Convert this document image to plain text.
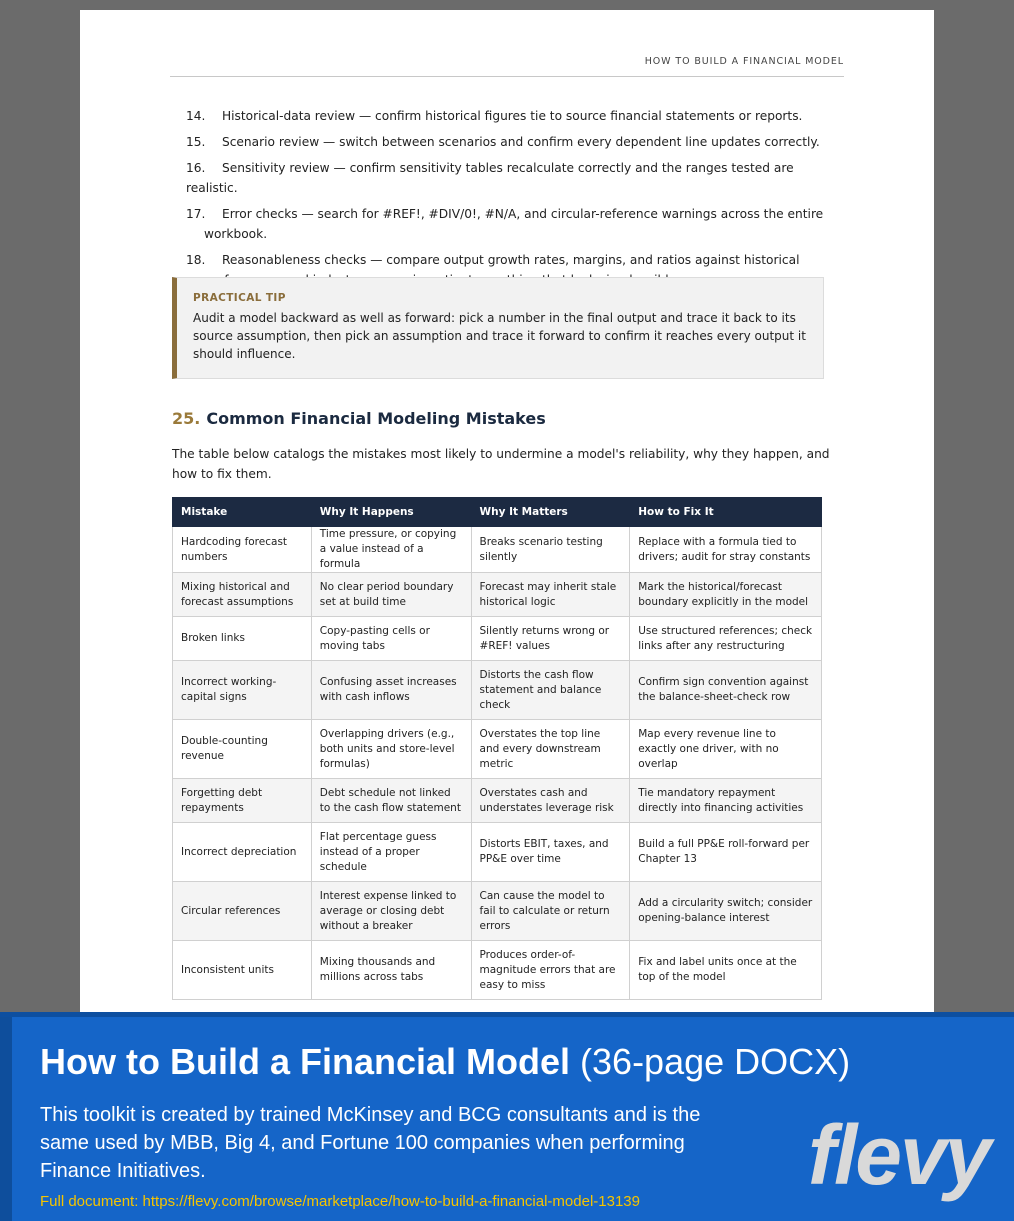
HOW TO BUILD A FINANCIAL MODEL
14. Historical-data review — confirm historical figures tie to source financial statements or reports.
15. Scenario review — switch between scenarios and confirm every dependent line updates correctly.
16. Sensitivity review — confirm sensitivity tables recalculate correctly and the ranges tested are realistic.
17. Error checks — search for #REF!, #DIV/0!, #N/A, and circular-reference warnings across the entire
workbook.
18. Reasonableness checks — compare output growth rates, margins, and ratios against historical
PRACTICAL TIP
Audit a model backward as well as forward: pick a number in the final output and trace it back to its source assumption, then pick an assumption and trace it forward to confirm it reaches every output it should influence.
25. Common Financial Modeling Mistakes
The table below catalogs the mistakes most likely to undermine a model's reliability, why they happen, and how to fix them.
Mistake	Why It Happens	Why It Matters	How to Fix It
Hardcoding forecast numbers	Time pressure, or copying a value instead of a formula	Breaks scenario testing silently	Replace with a formula tied to drivers; audit for stray constants
Mixing historical and forecast assumptions	No clear period boundary set at build time	Forecast may inherit stale historical logic	Mark the historical/forecast boundary explicitly in the model
Broken links	Copy-pasting cells or moving tabs	Silently returns wrong or #REF! values	Use structured references; check links after any restructuring
Incorrect working-capital signs	Confusing asset increases with cash inflows	Distorts the cash flow statement and balance check	Confirm sign convention against the balance-sheet-check row
Double-counting revenue	Overlapping drivers (e.g., both units and store-level formulas)	Overstates the top line and every downstream metric	Map every revenue line to exactly one driver, with no overlap
Forgetting debt repayments	Debt schedule not linked to the cash flow statement	Overstates cash and understates leverage risk	Tie mandatory repayment directly into financing activities
Incorrect depreciation	Flat percentage guess instead of a proper schedule	Distorts EBIT, taxes, and PP&E over time	Build a full PP&E roll-forward per Chapter 13
Circular references	Interest expense linked to average or closing debt without a breaker	Can cause the model to fail to calculate or return errors	Add a circularity switch; consider opening-balance interest
Inconsistent units	Mixing thousands and millions across tabs	Produces order-of-magnitude errors that are easy to miss	Fix and label units once at the top of the model
How to Build a Financial Model (36-page DOCX)
This toolkit is created by trained McKinsey and BCG consultants and is the same used by MBB, Big 4, and Fortune 100 companies when performing Finance Initiatives.
Full document: https://flevy.com/browse/marketplace/how-to-build-a-financial-model-13139 flevy
